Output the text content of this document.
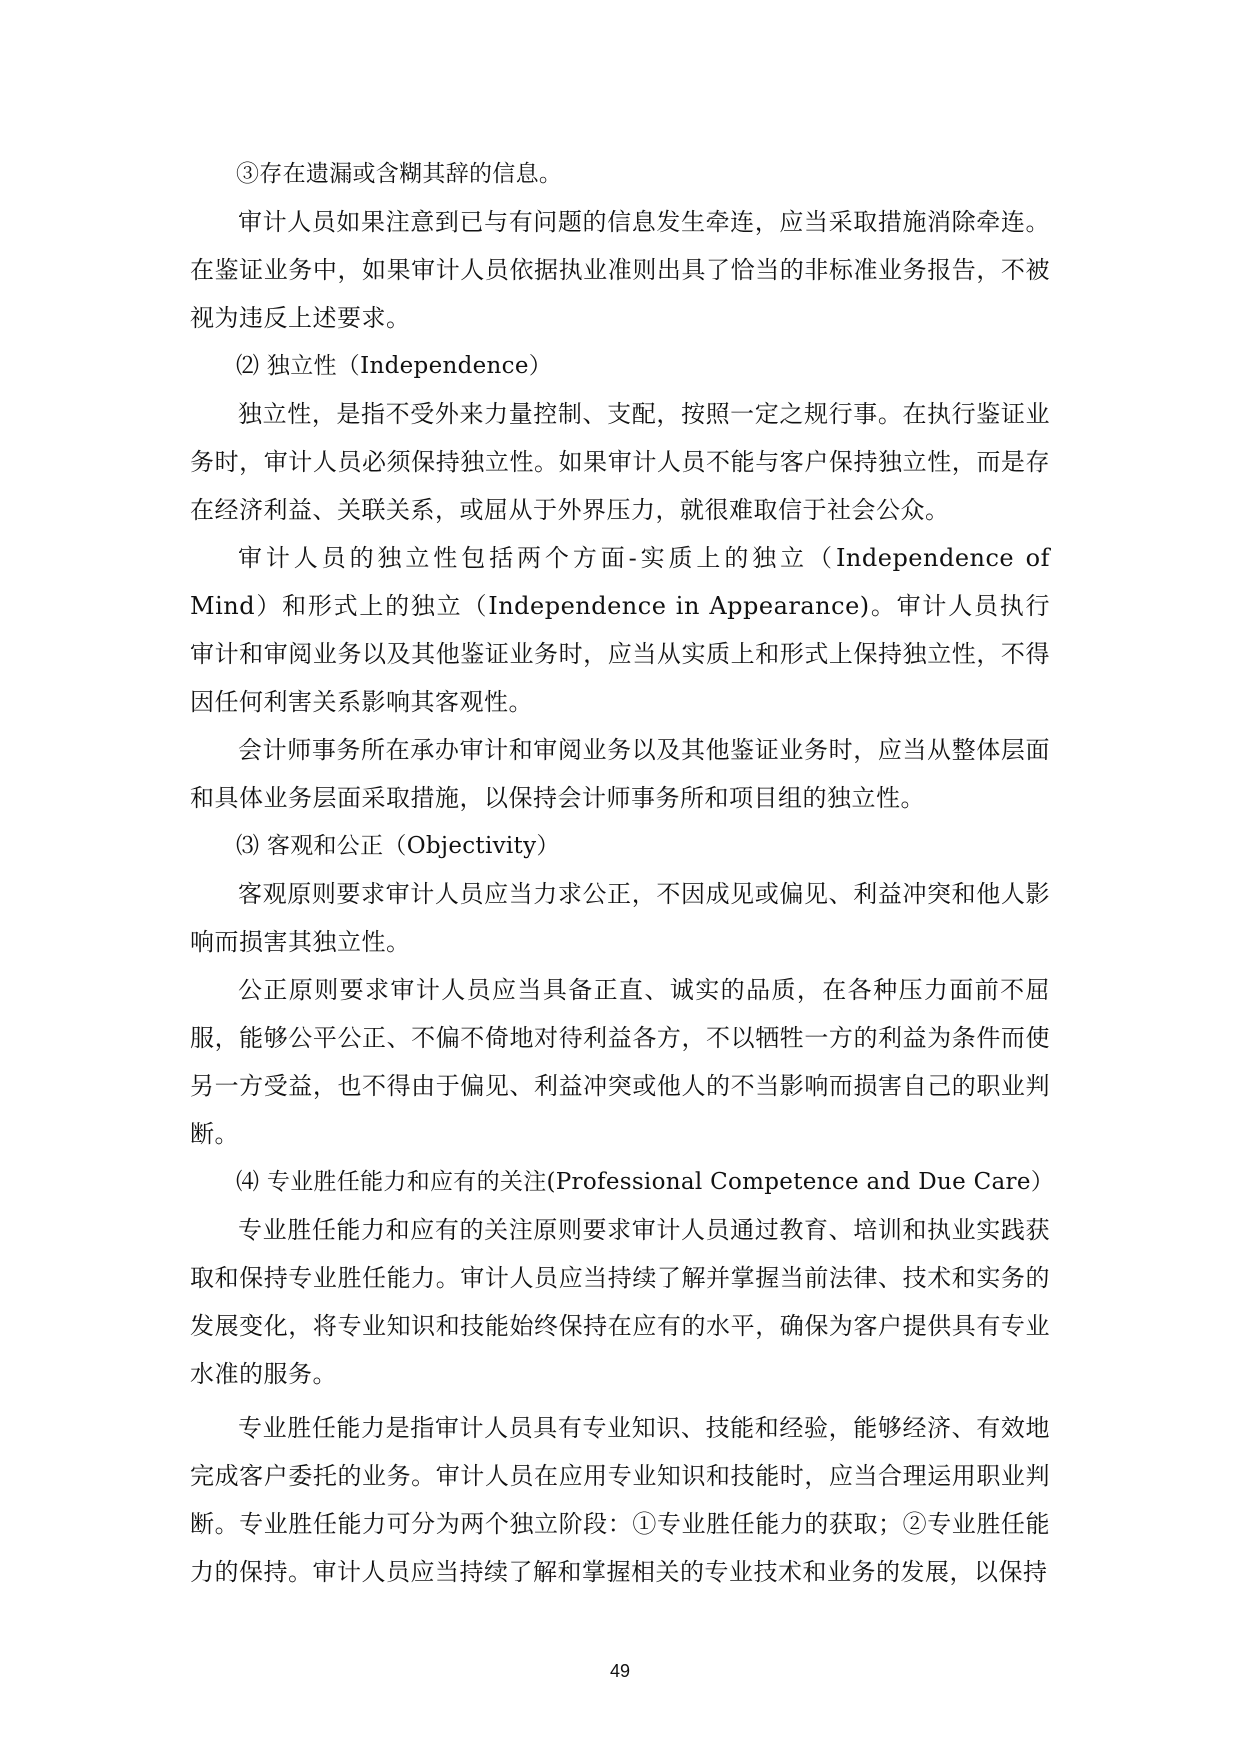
③存在遗漏或含糊其辞的信息。

审计人员如果注意到已与有问题的信息发生牵连，应当采取措施消除牵连。在鉴证业务中，如果审计人员依据执业准则出具了恰当的非标准业务报告，不被视为违反上述要求。

⑵ 独立性（Independence）

独立性，是指不受外来力量控制、支配，按照一定之规行事。在执行鉴证业务时，审计人员必须保持独立性。如果审计人员不能与客户保持独立性，而是存在经济利益、关联关系，或屈从于外界压力，就很难取信于社会公众。

审计人员的独立性包括两个方面-实质上的独立（Independence of Mind）和形式上的独立（Independence in Appearance)。审计人员执行审计和审阅业务以及其他鉴证业务时，应当从实质上和形式上保持独立性，不得因任何利害关系影响其客观性。

会计师事务所在承办审计和审阅业务以及其他鉴证业务时，应当从整体层面和具体业务层面采取措施，以保持会计师事务所和项目组的独立性。

⑶ 客观和公正（Objectivity）

客观原则要求审计人员应当力求公正，不因成见或偏见、利益冲突和他人影响而损害其独立性。

公正原则要求审计人员应当具备正直、诚实的品质，在各种压力面前不屈服，能够公平公正、不偏不倚地对待利益各方，不以牺牲一方的利益为条件而使另一方受益，也不得由于偏见、利益冲突或他人的不当影响而损害自己的职业判断。

⑷ 专业胜任能力和应有的关注(Professional Competence and Due Care）

专业胜任能力和应有的关注原则要求审计人员通过教育、培训和执业实践获取和保持专业胜任能力。审计人员应当持续了解并掌握当前法律、技术和实务的发展变化，将专业知识和技能始终保持在应有的水平，确保为客户提供具有专业水准的服务。

专业胜任能力是指审计人员具有专业知识、技能和经验，能够经济、有效地完成客户委托的业务。审计人员在应用专业知识和技能时，应当合理运用职业判断。专业胜任能力可分为两个独立阶段：①专业胜任能力的获取；②专业胜任能力的保持。审计人员应当持续了解和掌握相关的专业技术和业务的发展，以保持

49
